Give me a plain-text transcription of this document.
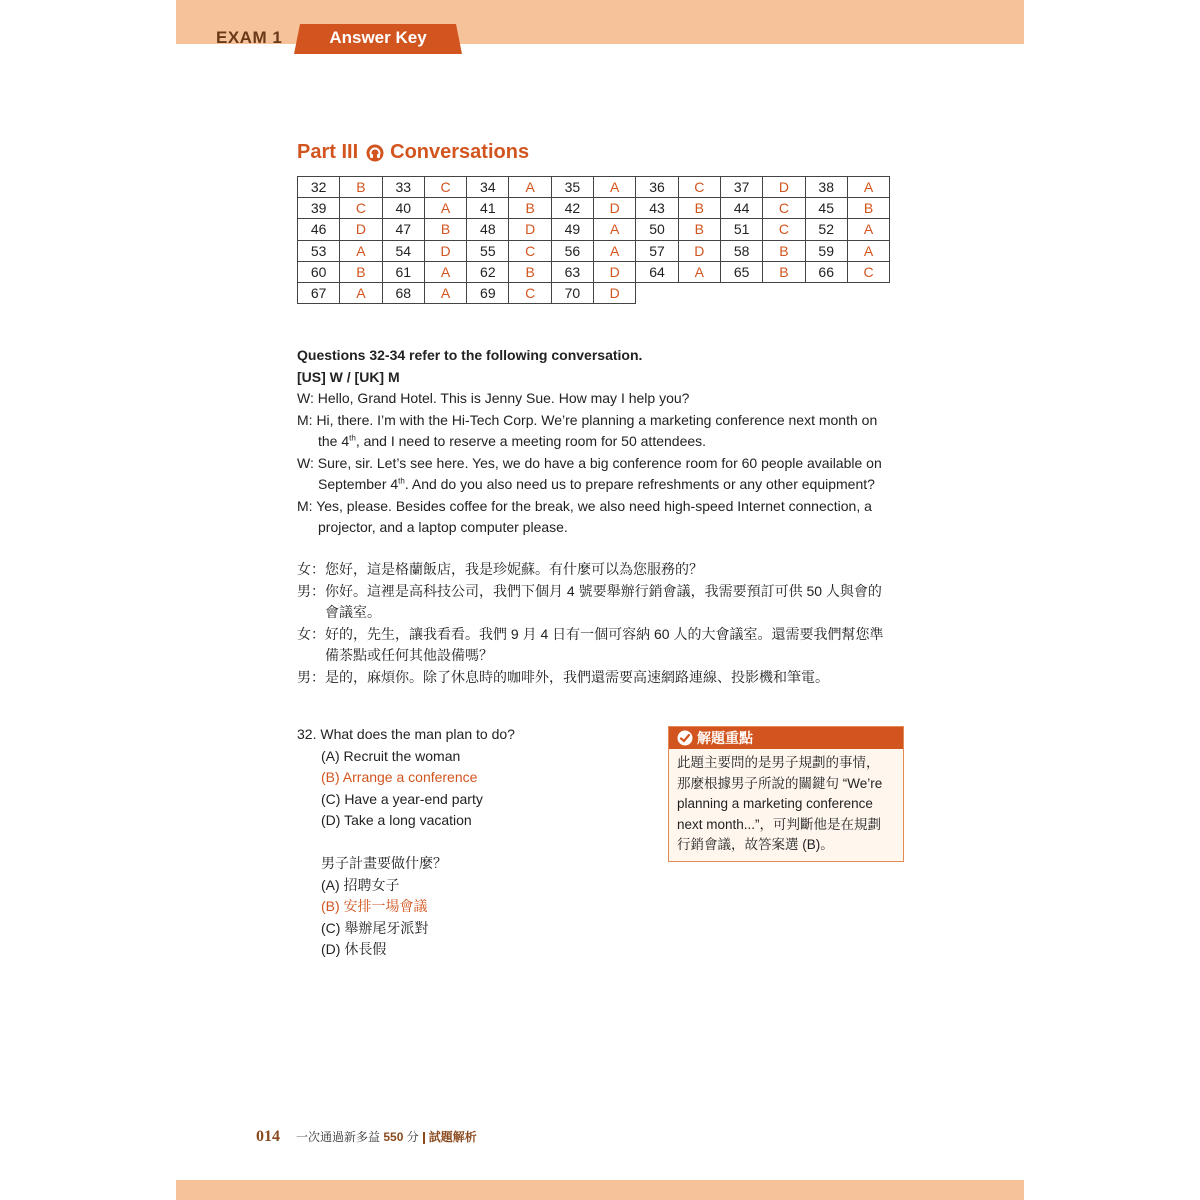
EXAM 1	Answer Key
Part III Conversations
32	B	33	C	34	A	35	A	36	C	37	D	38	A
39	C	40	A	41	B	42	D	43	B	44	C	45	B
46	D	47	B	48	D	49	A	50	B	51	C	52	A
53	A	54	D	55	C	56	A	57	D	58	B	59	A
60	B	61	A	62	B	63	D	64	A	65	B	66	C
67	A	68	A	69	C	70	D						
Questions 32-34 refer to the following conversation.
[US] W / [UK] M
W: Hello, Grand Hotel. This is Jenny Sue. How may I help you?
M: Hi, there. I’m with the Hi-Tech Corp. We’re planning a marketing conference next month on
the 4th, and I need to reserve a meeting room for 50 attendees.
W: Sure, sir. Let’s see here. Yes, we do have a big conference room for 60 people available on
September 4th. And do you also need us to prepare refreshments or any other equipment?
M: Yes, please. Besides coffee for the break, we also need high-speed Internet connection, a
projector, and a laptop computer please.
女：您好，這是格蘭飯店，我是珍妮蘇。有什麼可以為您服務的？
男：你好。這裡是高科技公司，我們下個月 4 號要舉辦行銷會議，我需要預訂可供 50 人與會的
會議室。
女：好的，先生，讓我看看。我們 9 月 4 日有一個可容納 60 人的大會議室。還需要我們幫您準
備茶點或任何其他設備嗎？
男：是的，麻煩你。除了休息時的咖啡外，我們還需要高速網路連線、投影機和筆電。
32. What does the man plan to do?
(A) Recruit the woman
(B) Arrange a conference
(C) Have a year-end party
(D) Take a long vacation
男子計畫要做什麼？
(A) 招聘女子
(B) 安排一場會議
(C) 舉辦尾牙派對
(D) 休長假
解題重點
此題主要問的是男子規劃的事情，
那麼根據男子所說的關鍵句 “We’re
planning a marketing conference
next month...”，可判斷他是在規劃
行銷會議，故答案選 (B)。
014 一次通過新多益 550 分 試題解析
